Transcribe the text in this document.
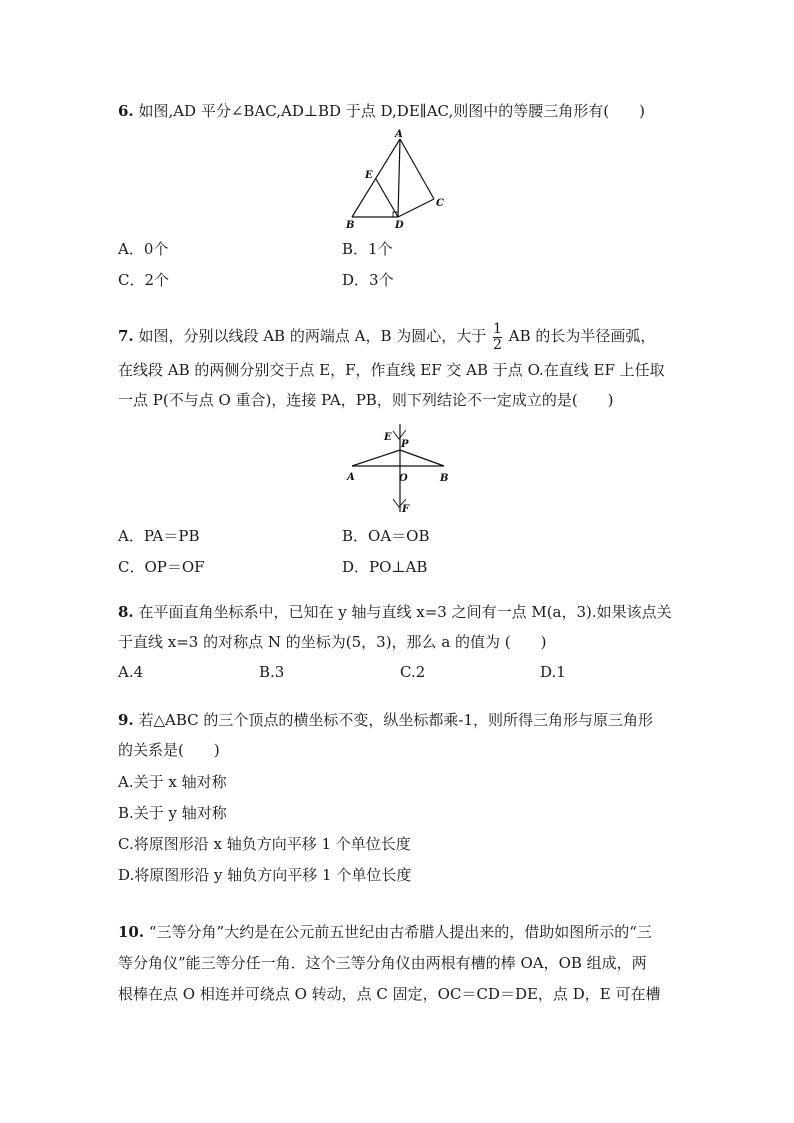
6. 如图,AD 平分∠BAC,AD⊥BD 于点 D,DE∥AC,则图中的等腰三角形有(　　)
A
E
C
B	D
A．0个	B．1个
C．2个	D．3个
7. 如图，分别以线段 AB 的两端点 A，B 为圆心，大于 $\frac{1}{2}$ AB 的长为半径画弧，
在线段 AB 的两侧分别交于点 E，F，作直线 EF 交 AB 于点 O.在直线 EF 上任取
一点 P(不与点 O 重合)，连接 PA，PB，则下列结论不一定成立的是(　　)
E
P
A	O	B
F
A．PA＝PB	B．OA＝OB
C．OP＝OF	D．PO⊥AB
8. 在平面直角坐标系中，已知在 y 轴与直线 x=3 之间有一点 M(a，3).如果该点关
于直线 x=3 的对称点 N 的坐标为(5，3)，那么 a 的值为 (　　)
A.4	B.3	C.2	D.1
9. 若△ABC 的三个顶点的横坐标不变，纵坐标都乘-1，则所得三角形与原三角形
的关系是(　　)
A.关于 x 轴对称
B.关于 y 轴对称
C.将原图形沿 x 轴负方向平移 1 个单位长度
D.将原图形沿 y 轴负方向平移 1 个单位长度
10. “三等分角”大约是在公元前五世纪由古希腊人提出来的，借助如图所示的“三
等分角仪”能三等分任一角．这个三等分角仪由两根有槽的棒 OA，OB 组成，两
根棒在点 O 相连并可绕点 O 转动，点 C 固定，OC＝CD＝DE，点 D，E 可在槽
